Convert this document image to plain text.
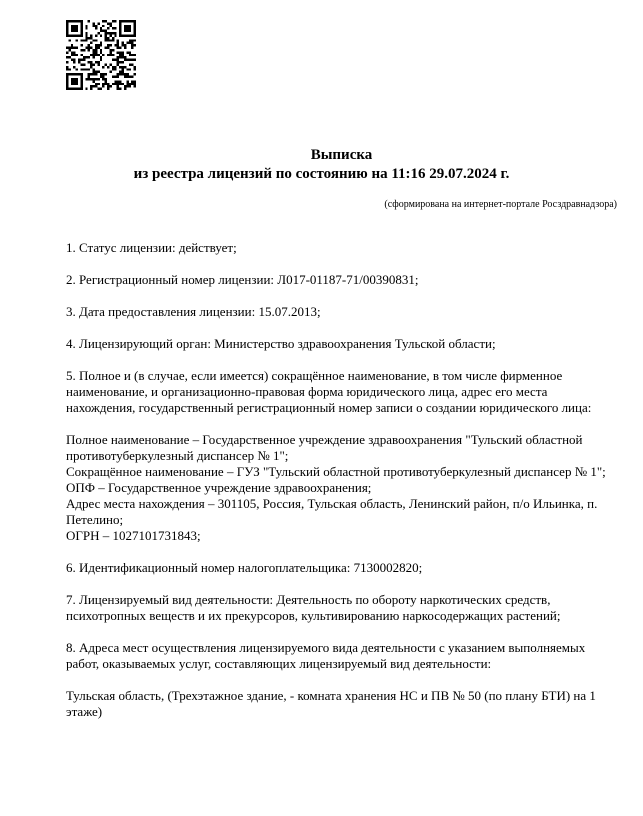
Выписка
из реестра лицензий по состоянию на 11:16 29.07.2024 г.
(сформирована на интернет-портале Росздравнадзора)

1. Статус лицензии: действует;

2. Регистрационный номер лицензии: Л017-01187-71/00390831;

3. Дата предоставления лицензии: 15.07.2013;

4. Лицензирующий орган: Министерство здравоохранения Тульской области;

5. Полное и (в случае, если имеется) сокращённое наименование, в том числе фирменное наименование, и организационно-правовая форма юридического лица, адрес его места нахождения, государственный регистрационный номер записи о создании юридического лица:

Полное наименование – Государственное учреждение здравоохранения "Тульский областной противотуберкулезный диспансер № 1";
Сокращённое наименование – ГУЗ "Тульский областной противотуберкулезный диспансер № 1";
ОПФ – Государственное учреждение здравоохранения;
Адрес места нахождения – 301105, Россия, Тульская область, Ленинский район, п/о Ильинка, п. Петелино;
ОГРН – 1027101731843;

6. Идентификационный номер налогоплательщика: 7130002820;

7. Лицензируемый вид деятельности: Деятельность по обороту наркотических средств, психотропных веществ и их прекурсоров, культивированию наркосодержащих растений;

8. Адреса мест осуществления лицензируемого вида деятельности с указанием выполняемых работ, оказываемых услуг, составляющих лицензируемый вид деятельности:

Тульская область, (Трехэтажное здание, - комната хранения НС и ПВ № 50 (по плану БТИ) на 1 этаже)
